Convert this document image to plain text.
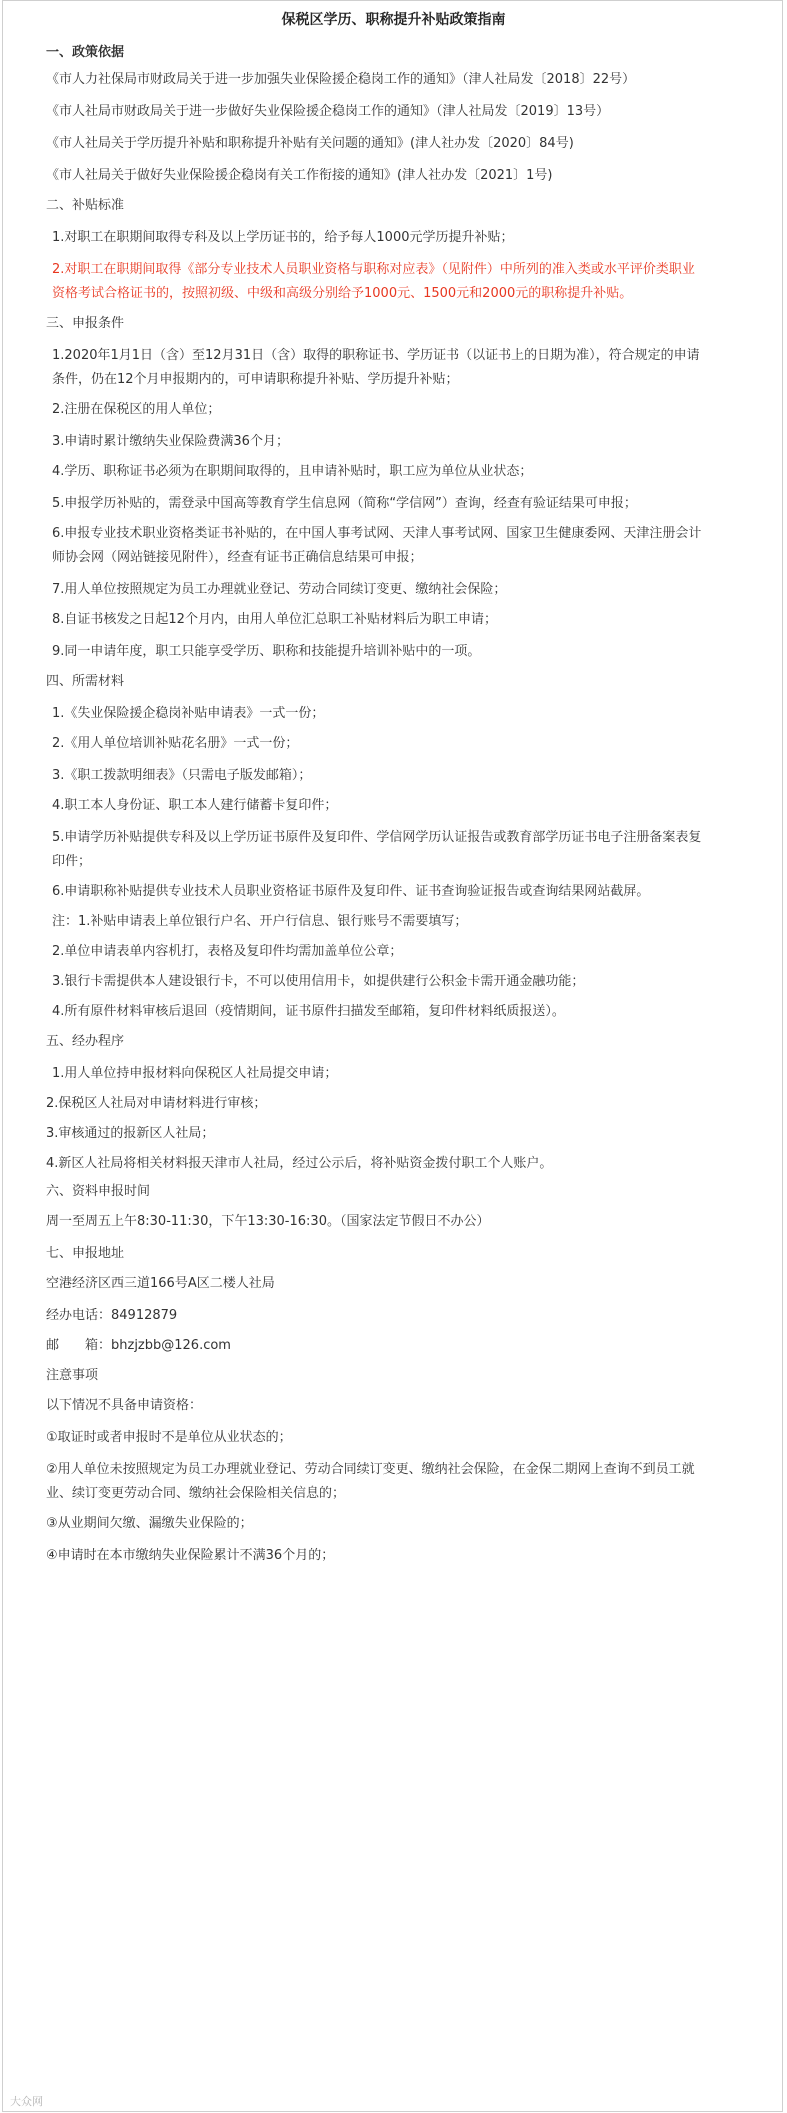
保税区学历、职称提升补贴政策指南
一、政策依据
《市人力社保局市财政局关于进一步加强失业保险援企稳岗工作的通知》（津人社局发〔2018〕22号）
《市人社局市财政局关于进一步做好失业保险援企稳岗工作的通知》（津人社局发〔2019〕13号）
《市人社局关于学历提升补贴和职称提升补贴有关问题的通知》(津人社办发〔2020〕84号)
《市人社局关于做好失业保险援企稳岗有关工作衔接的通知》(津人社办发〔2021〕1号)
二、补贴标准
1.对职工在职期间取得专科及以上学历证书的，给予每人1000元学历提升补贴；
2.对职工在职期间取得《部分专业技术人员职业资格与职称对应表》（见附件）中所列的准入类或水平评价类职业
资格考试合格证书的，按照初级、中级和高级分别给予1000元、1500元和2000元的职称提升补贴。
三、申报条件
1.2020年1月1日（含）至12月31日（含）取得的职称证书、学历证书（以证书上的日期为准），符合规定的申请
条件，仍在12个月申报期内的，可申请职称提升补贴、学历提升补贴；
2.注册在保税区的用人单位；
3.申请时累计缴纳失业保险费满36个月；
4.学历、职称证书必须为在职期间取得的，且申请补贴时，职工应为单位从业状态；
5.申报学历补贴的，需登录中国高等教育学生信息网（简称“学信网”）查询，经查有验证结果可申报；
6.申报专业技术职业资格类证书补贴的，在中国人事考试网、天津人事考试网、国家卫生健康委网、天津注册会计
师协会网（网站链接见附件），经查有证书正确信息结果可申报；
7.用人单位按照规定为员工办理就业登记、劳动合同续订变更、缴纳社会保险；
8.自证书核发之日起12个月内，由用人单位汇总职工补贴材料后为职工申请；
9.同一申请年度，职工只能享受学历、职称和技能提升培训补贴中的一项。
四、所需材料
1.《失业保险援企稳岗补贴申请表》一式一份；
2.《用人单位培训补贴花名册》一式一份；
3.《职工拨款明细表》（只需电子版发邮箱）；
4.职工本人身份证、职工本人建行储蓄卡复印件；
5.申请学历补贴提供专科及以上学历证书原件及复印件、学信网学历认证报告或教育部学历证书电子注册备案表复
印件；
6.申请职称补贴提供专业技术人员职业资格证书原件及复印件、证书查询验证报告或查询结果网站截屏。
注：1.补贴申请表上单位银行户名、开户行信息、银行账号不需要填写；
2.单位申请表单内容机打，表格及复印件均需加盖单位公章；
3.银行卡需提供本人建设银行卡，不可以使用信用卡，如提供建行公积金卡需开通金融功能；
4.所有原件材料审核后退回（疫情期间，证书原件扫描发至邮箱，复印件材料纸质报送）。
五、经办程序
1.用人单位持申报材料向保税区人社局提交申请；
2.保税区人社局对申请材料进行审核；
3.审核通过的报新区人社局；
4.新区人社局将相关材料报天津市人社局，经过公示后，将补贴资金拨付职工个人账户。
六、资料申报时间
周一至周五上午8:30-11:30，下午13:30-16:30。（国家法定节假日不办公）
七、申报地址
空港经济区西三道166号A区二楼人社局
经办电话：84912879
邮　　箱：bhzjzbb@126.com
注意事项
以下情况不具备申请资格：
①取证时或者申报时不是单位从业状态的；
②用人单位未按照规定为员工办理就业登记、劳动合同续订变更、缴纳社会保险，在金保二期网上查询不到员工就
业、续订变更劳动合同、缴纳社会保险相关信息的；
③从业期间欠缴、漏缴失业保险的；
④申请时在本市缴纳失业保险累计不满36个月的；
大众网
